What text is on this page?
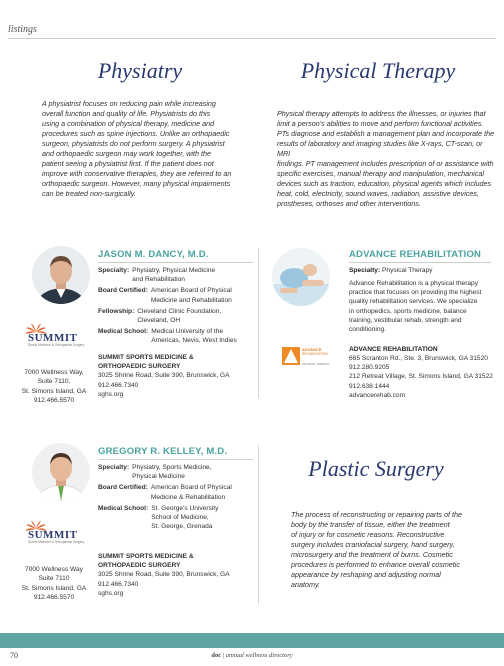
listings
Physiatry
A physiatrist focuses on reducing pain while increasing
overall function and quality of life. Physiatrists do this
using a combination of physical therapy, medicine and
procedures such as spine injections. Unlike an orthopaedic
surgeon, physiatrists do not perform surgery. A physiatrist
and orthopaedic surgeon may work together, with the
patient seeing a physiatrist first. If the patient does not
improve with conservative therapies, they are referred to an
orthopaedic surgeon. However, many physical impairments
can be treated non-surgically.
Physical Therapy
Physical therapy attempts to address the illnesses, or injuries that
limit a person's abilities to move and perform functional activities.
PTs diagnose and establish a management plan and incorporate the
results of laboratory and imaging studies like X-rays, CT-scan, or MRI
findings. PT management includes prescription of or assistance with
specific exercises, manual therapy and manipulation, mechanical
devices such as traction, education, physical agents which includes
heat, cold, electricity, sound waves, radiation, assistive devices,
prostheses, orthoses and other interventions.
SUMMIT
Sports Medicine & Orthopaedic Surgery
7000 Wellness Way,
Suite 7110,
St. Simons Island, GA
912.466.5570
JASON M. DANCY, M.D.
Specialty: Physiatry, Physical Medicine
and Rehabilitation
Board Certified: American Board of Physical
Medicine and Rehabilitation
Fellowship: Cleveland Clinic Foundation,
Cleveland, OH
Medical School: Medical University of the
Americas, Nevis, West Indies
SUMMIT SPORTS MEDICINE &
ORTHOPAEDIC SURGERY
3025 Shrine Road, Suite 390, Brunswick, GA
912.466.7340
sghs.org
ADVANCE
REHABILITATION
PHYSICAL THERAPY
ADVANCE REHABILITATION
Specialty: Physical Therapy
Advance Rehabilitation is a physical therapy
practice that focuses on providing the highest
quality rehabilitation services. We specialize
in orthopedics, sports medicine, balance
training, vestibular rehab, strength and
conditioning.
ADVANCE REHABILITATION
665 Scranton Rd., Ste. 3, Brunswick, GA 31520
912.280.9205
212 Retreat Village, St. Simons Island, GA 31522
912.638.1444
advancerehab.com
SUMMIT
Sports Medicine & Orthopaedic Surgery
7000 Wellness Way
Suite 7110
St. Simons Island, GA
912.466.5570
GREGORY R. KELLEY, M.D.
Specialty: Physiatry, Sports Medicine,
Physical Medicine
Board Certified: American Board of Physical
Medicine & Rehabilitation
Medical School: St. George's University
School of Medicine,
St. George, Grenada
SUMMIT SPORTS MEDICINE &
ORTHOPAEDIC SURGERY
3025 Shrine Road, Suite 390, Brunswick, GA
912.466.7340
sghs.org
Plastic Surgery
The process of reconstructing or repairing parts of the
body by the transfer of tissue, either the treatment
of injury or for cosmetic reasons. Reconstructive
surgery includes craniofacial surgery, hand surgery,
microsurgery and the treatment of burns. Cosmetic
procedures is performed to enhance overall cosmetic
appearance by reshaping and adjusting normal
anatomy.
70	doc | annual wellness directory
